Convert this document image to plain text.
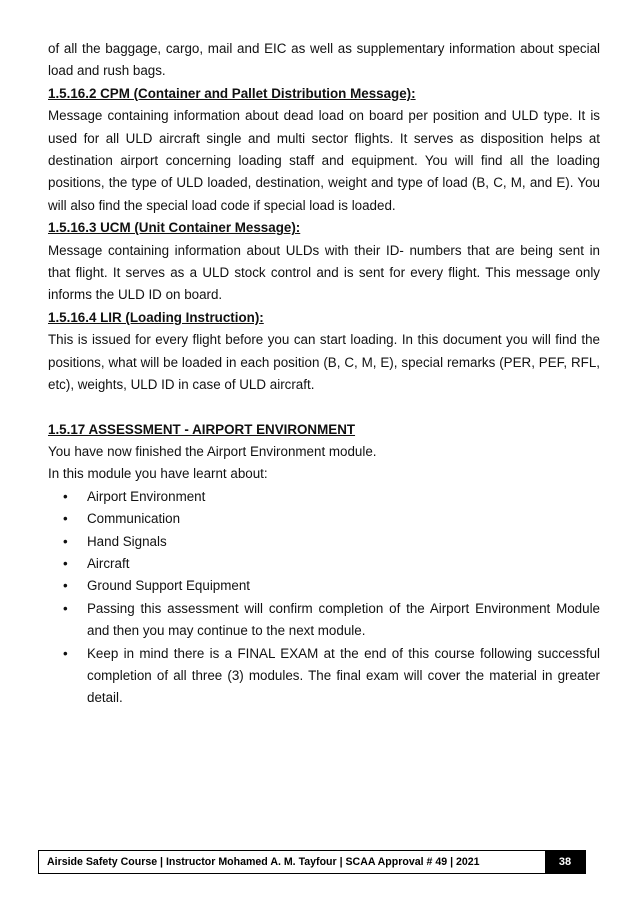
of all the baggage, cargo, mail and EIC as well as supplementary information about special load and rush bags.

1.5.16.2 CPM (Container and Pallet Distribution Message):

Message containing information about dead load on board per position and ULD type. It is used for all ULD aircraft single and multi sector flights. It serves as disposition helps at destination airport concerning loading staff and equipment. You will find all the loading positions, the type of ULD loaded, destination, weight and type of load (B, C, M, and E). You will also find the special load code if special load is loaded.

1.5.16.3 UCM (Unit Container Message):

Message containing information about ULDs with their ID- numbers that are being sent in that flight. It serves as a ULD stock control and is sent for every flight. This message only informs the ULD ID on board.

1.5.16.4 LIR (Loading Instruction):

This is issued for every flight before you can start loading. In this document you will find the positions, what will be loaded in each position (B, C, M, E), special remarks (PER, PEF, RFL, etc), weights, ULD ID in case of ULD aircraft.

1.5.17 ASSESSMENT - AIRPORT ENVIRONMENT

You have now finished the Airport Environment module.

In this module you have learnt about:

• Airport Environment
• Communication
• Hand Signals
• Aircraft
• Ground Support Equipment
• Passing this assessment will confirm completion of the Airport Environment Module and then you may continue to the next module.
• Keep in mind there is a FINAL EXAM at the end of this course following successful completion of all three (3) modules. The final exam will cover the material in greater detail.
Airside Safety Course | Instructor Mohamed A. M. Tayfour | SCAA Approval # 49 | 2021	38
